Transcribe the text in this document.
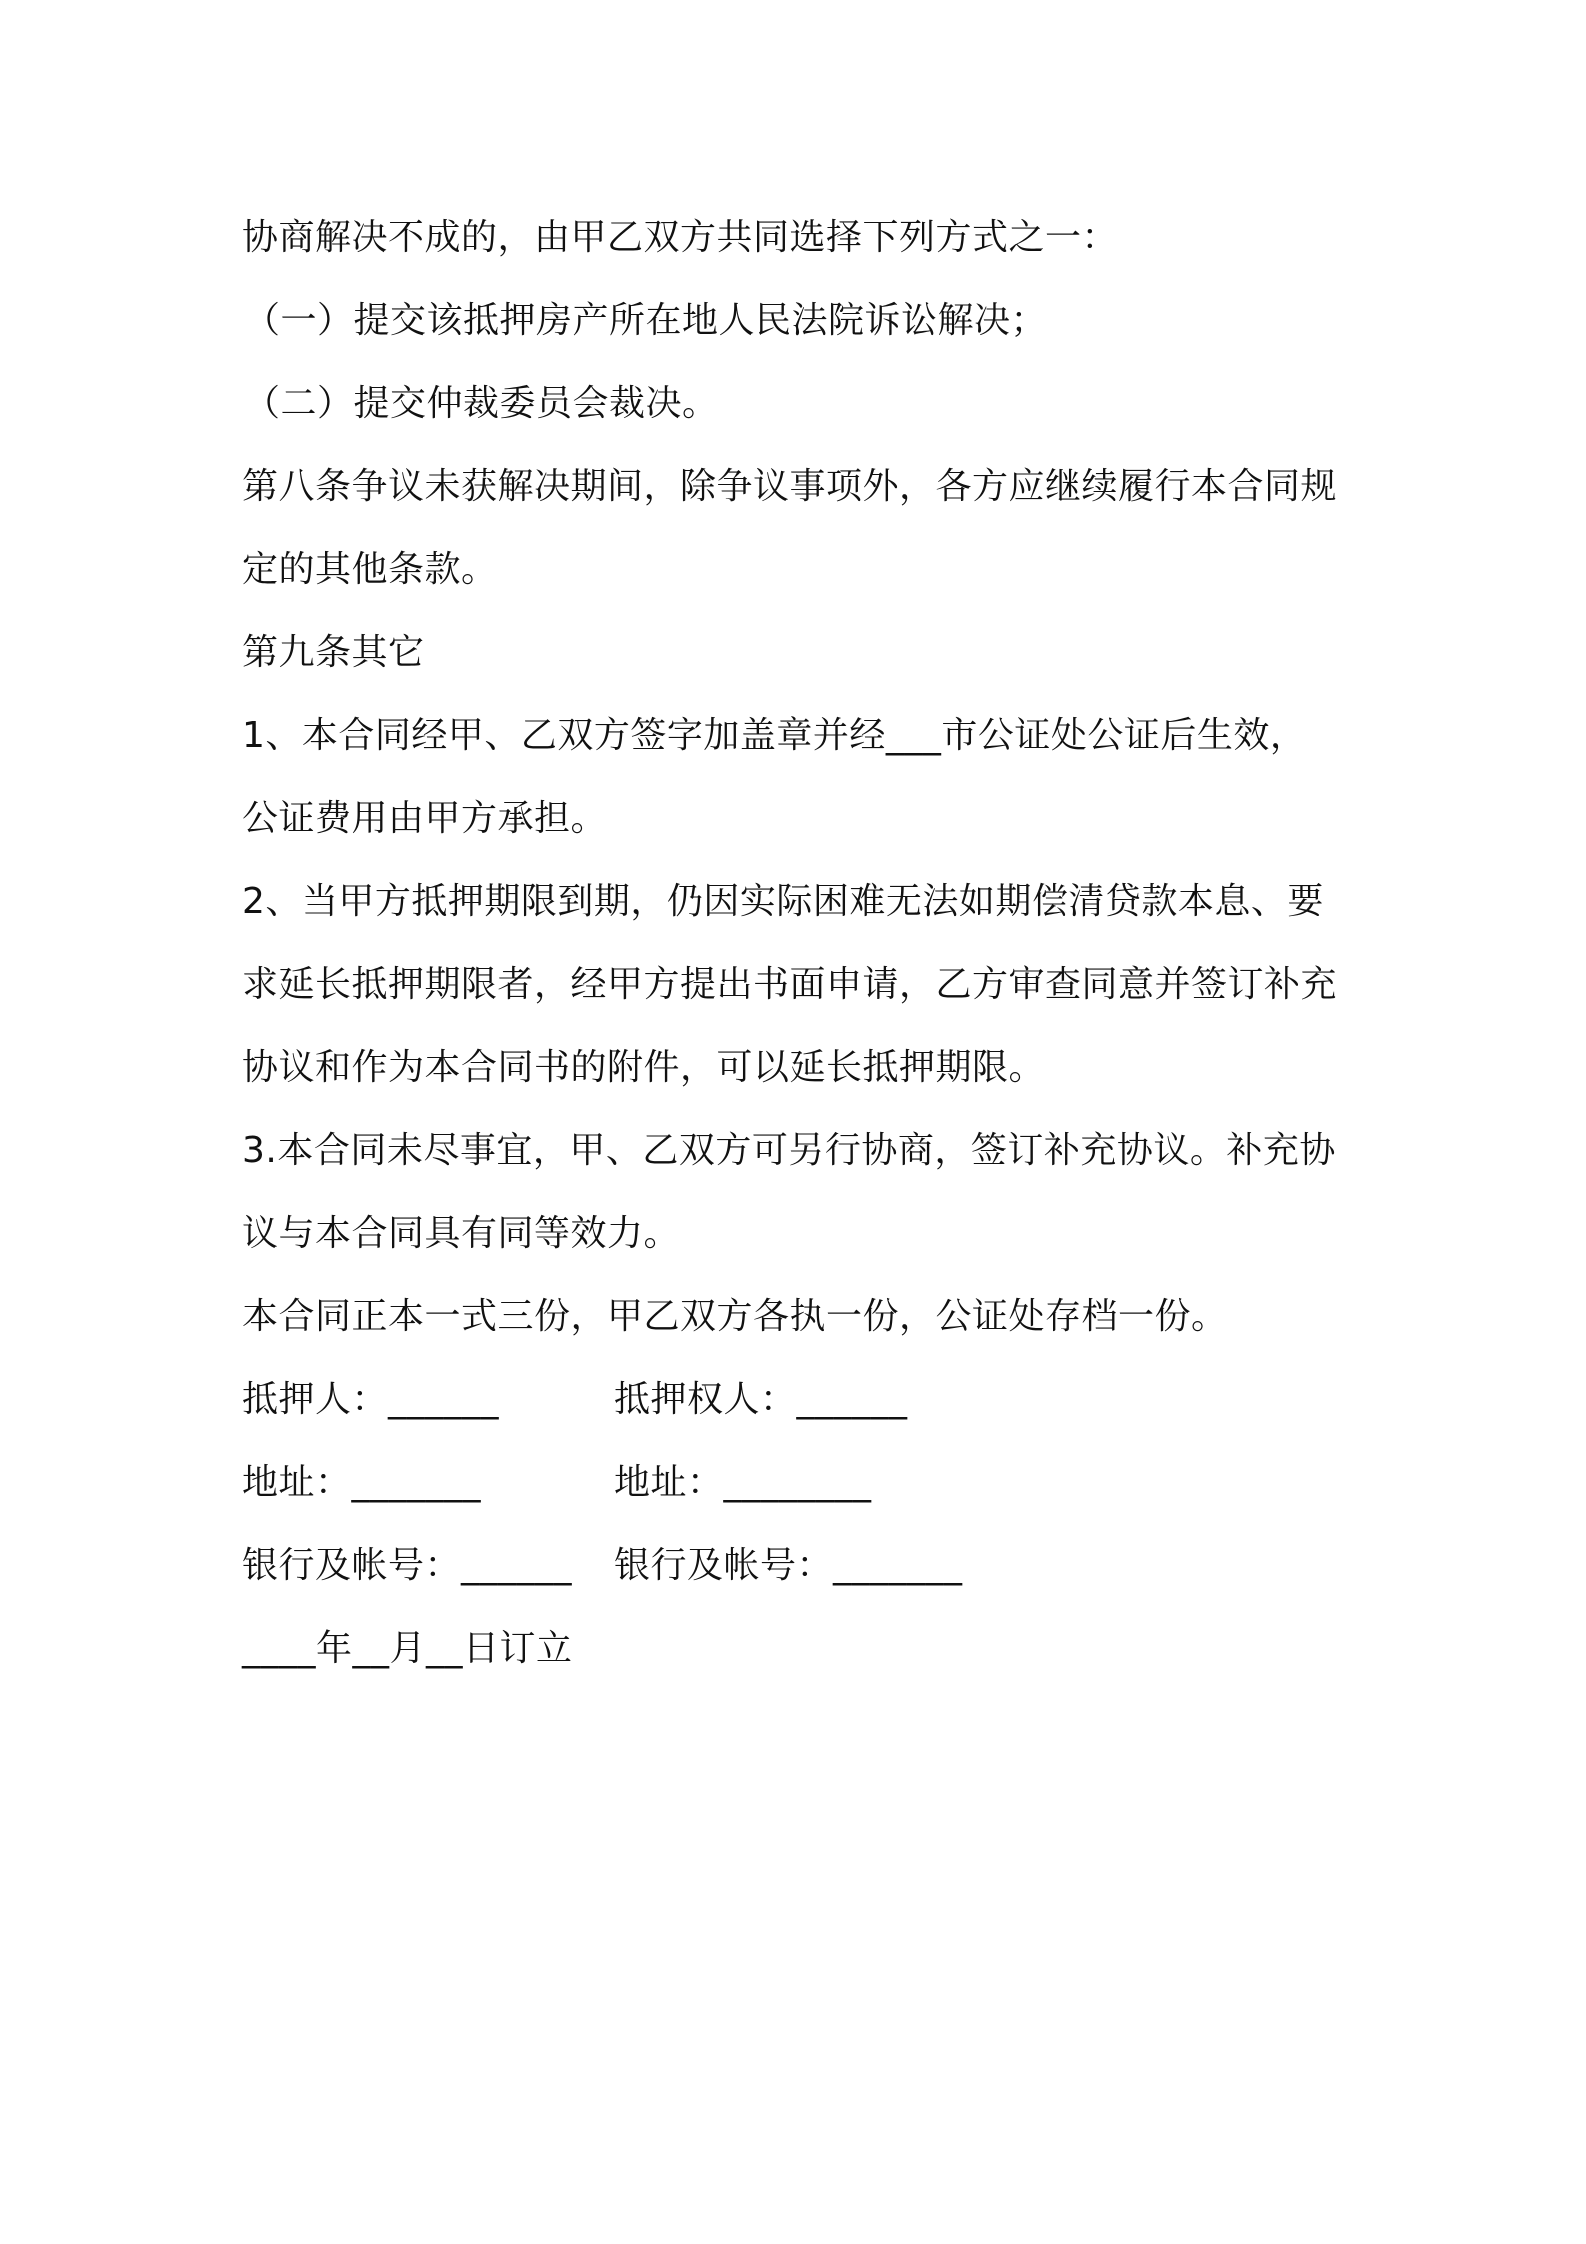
协商解决不成的，由甲乙双方共同选择下列方式之一：
（一）提交该抵押房产所在地人民法院诉讼解决；
（二）提交仲裁委员会裁决。
第八条争议未获解决期间，除争议事项外，各方应继续履行本合同规
定的其他条款。
第九条其它
1、本合同经甲、乙双方签字加盖章并经___市公证处公证后生效，
公证费用由甲方承担。
2、当甲方抵押期限到期，仍因实际困难无法如期偿清贷款本息、要
求延长抵押期限者，经甲方提出书面申请，乙方审查同意并签订补充
协议和作为本合同书的附件，可以延长抵押期限。
3.本合同未尽事宜，甲、乙双方可另行协商，签订补充协议。补充协
议与本合同具有同等效力。
本合同正本一式三份，甲乙双方各执一份，公证处存档一份。
抵押人：______	抵押权人：______
地址：_______	地址：________
银行及帐号：______	银行及帐号：_______
____年__月__日订立
